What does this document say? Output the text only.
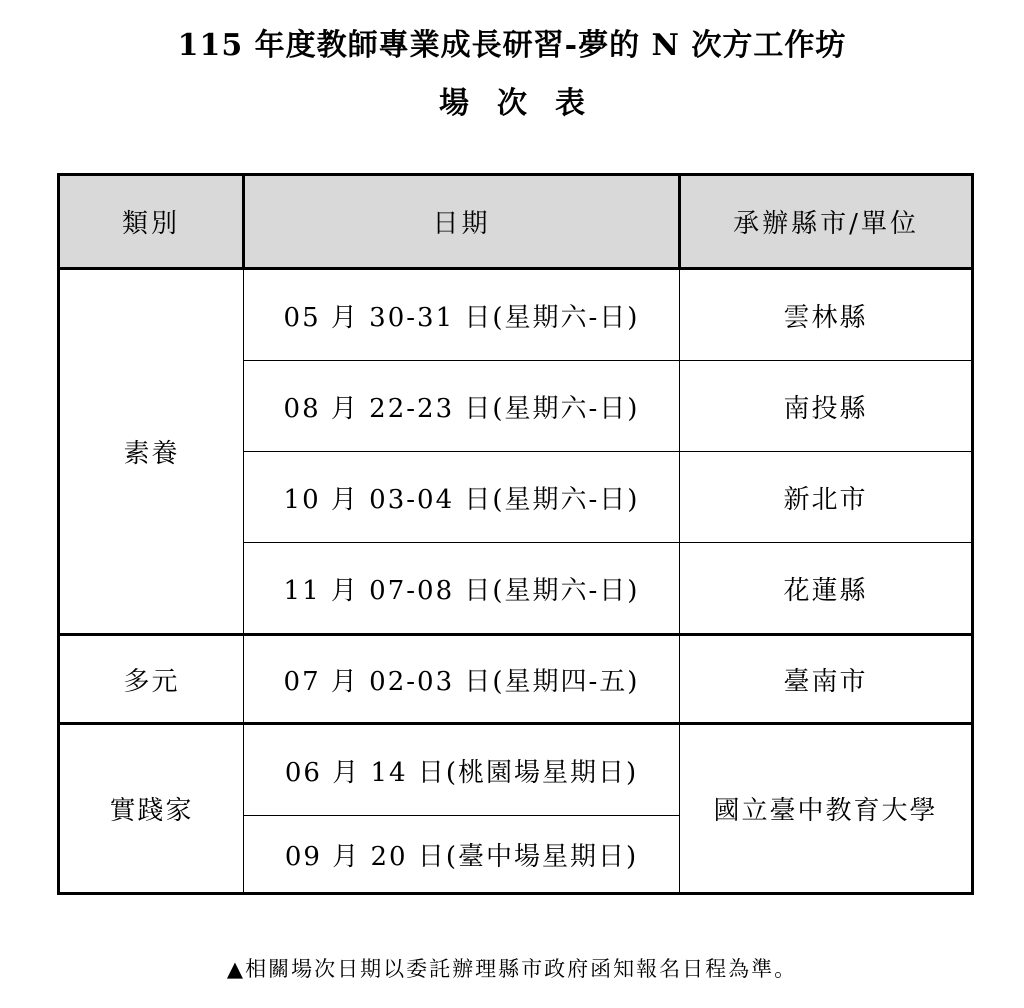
115 年度教師專業成長研習-夢的 N 次方工作坊
場次表
類別	日期	承辦縣市/單位
素養	05 月 30-31 日(星期六-日)	雲林縣
	08 月 22-23 日(星期六-日)	南投縣
	10 月 03-04 日(星期六-日)	新北市
	11 月 07-08 日(星期六-日)	花蓮縣
多元	07 月 02-03 日(星期四-五)	臺南市
實踐家	06 月 14 日(桃園場星期日)	國立臺中教育大學
	09 月 20 日(臺中場星期日)	
▲相關場次日期以委託辦理縣市政府函知報名日程為準。
